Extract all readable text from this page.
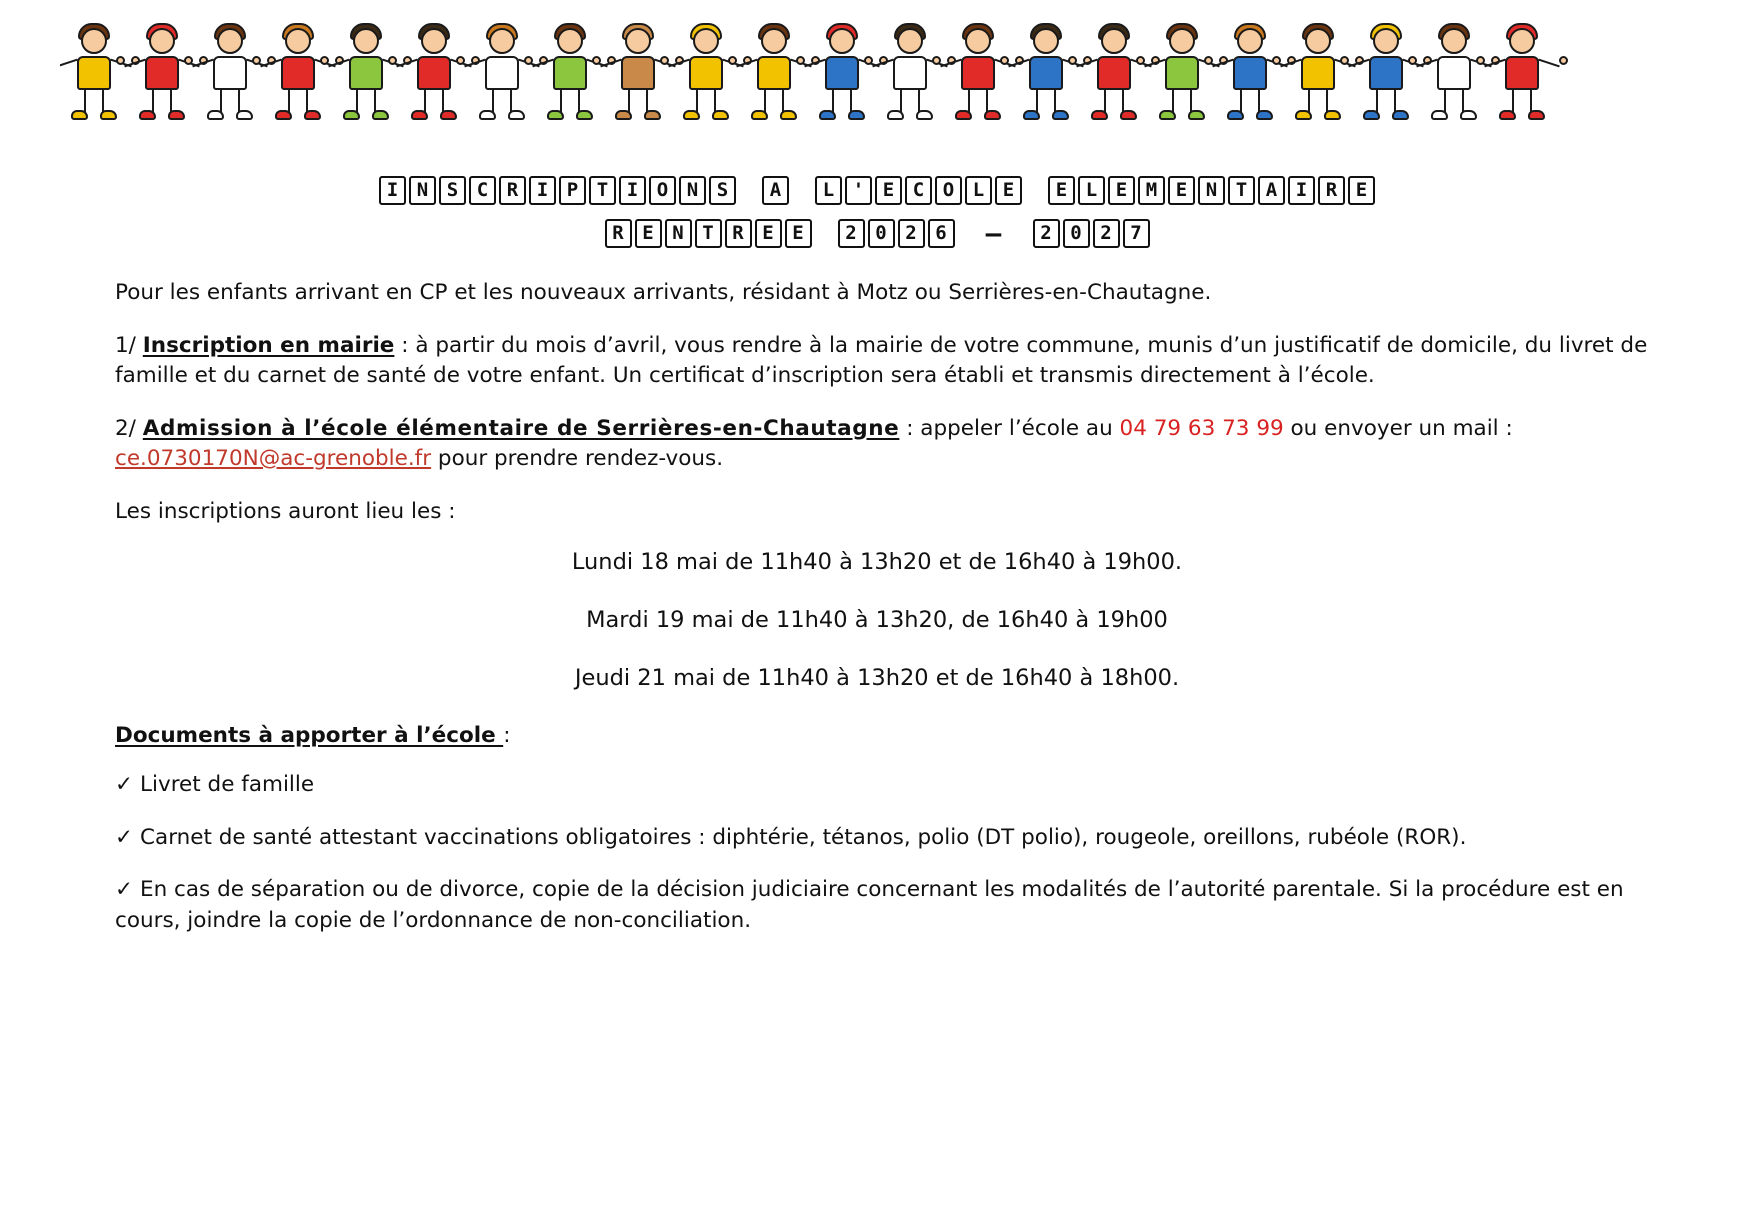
I N S C R I P T I O N S	A	L ' E C O L E	E L E M E N T A I R E
R E N T R E E	2 0 2 6 –	2 0 2 7

Pour les enfants arrivant en CP et les nouveaux arrivants, résidant à Motz ou Serrières-en-Chautagne.

1/ Inscription en mairie : à partir du mois d’avril, vous rendre à la mairie de votre commune, munis d’un justificatif de domicile, du livret de famille et du carnet de santé de votre enfant. Un certificat d’inscription sera établi et transmis directement à l’école.

2/ Admission à l’école élémentaire de Serrières-en-Chautagne : appeler l’école au 04 79 63 73 99 ou envoyer un mail : ce.0730170N@ac-grenoble.fr pour prendre rendez-vous.

Les inscriptions auront lieu les :

Lundi 18 mai de 11h40 à 13h20 et de 16h40 à 19h00.

Mardi 19 mai de 11h40 à 13h20, de 16h40 à 19h00

Jeudi 21 mai de 11h40 à 13h20 et de 16h40 à 18h00.

Documents à apporter à l’école :

✓ Livret de famille

✓ Carnet de santé attestant vaccinations obligatoires : diphtérie, tétanos, polio (DT polio), rougeole, oreillons, rubéole (ROR).

✓ En cas de séparation ou de divorce, copie de la décision judiciaire concernant les modalités de l’autorité parentale. Si la procédure est en cours, joindre la copie de l’ordonnance de non-conciliation.
